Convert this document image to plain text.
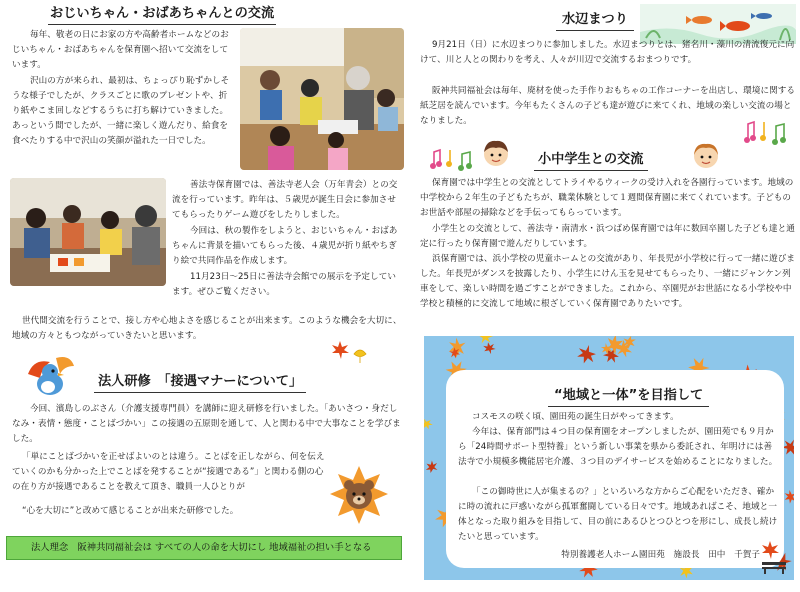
おじいちゃん・おばあちゃんとの交流
毎年、敬老の日にお家の方や高齢者ホームなどのおじいちゃん・おばあちゃんを保育園へ招いて交流をしています。
沢山の方が来られ、最初は、ちょっぴり恥ずかしそうな様子でしたが、クラスごとに歌のプレゼントや、折り紙やこま回しなどするうちに打ち解けていきました。あっという間でしたが、一緒に楽しく遊んだり、給食を食べたりする中で沢山の笑顔が溢れた一日でした。
善法寺保育園では、善法寺老人会（万年青会）との交流を行っています。昨年は、５歳児が誕生日会に参加させてもらったりゲーム遊びをしたりしました。
今回は、秋の製作をしようと、おじいちゃん・おばあちゃんに背景を描いてもらった後、４歳児が折り紙やちぎり絵で共同作品を作成します。
11月23日～25日に善法寺会館での展示を予定しています。ぜひご覧ください。
世代間交流を行うことで、接し方や心地よさを感じることが出来ます。このような機会を大切に、地域の方々ともつながっていきたいと思います。
法人研修　「接遇マナーについて」
今回、濱島しのぶさん（介護支援専門員）を講師に迎え研修を行いました。「あいさつ・身だしなみ・表情・態度・ことばづかい」この接遇の五原則を通して、人と関わる中で大事なことを学びました。
「単にことばづかいを正せばよいのとは違う。ことばを正しながら、何を伝えていくのかも分かった上でことばを発することが“接遇である”」と関わる側の心の在り方が接遇であることを教えて頂き、職員一人ひとりが
“心を大切に”と改めて感じることが出来た研修でした。
法人理念　阪神共同福祉会は すべての人の命を大切にし 地域福祉の担い手となる
水辺まつり
9月21日（日）に水辺まつりに参加しました。水辺まつりとは、猪名川・藻川の清流復元に向けて、川と人との関わりを考え、人々が川辺で交流するおまつりです。
阪神共同福祉会は毎年、廃材を使った手作りおもちゃの工作コーナーを出店し、環境に関する紙芝居を読んでいます。今年もたくさんの子ども達が遊びに来てくれ、地域の楽しい交流の場となりました。
小中学生との交流
保育園では中学生との交流としてトライやるウィークの受け入れを各園行っています。地域の中学校から２年生の子どもたちが、職業体験として１週間保育園に来てくれています。子どものお世話や部屋の掃除などを手伝ってもらっています。
小学生との交流として、善法寺・南清水・浜つばめ保育園では年に数回卒園した子ども達と通定に行ったり保育園で遊んだりしています。
浜保育園では、浜小学校の児童ホームとの交流があり、年長児が小学校に行って一緒に遊びました。年長児がダンスを披露したり、小学生にけん玉を見せてもらったり、一緒にジャンケン列車をして、楽しい時間を過ごすことができました。これから、卒園児がお世話になる小学校や中学校と積極的に交流して地域に根ざしていく保育園でありたいです。
“地域と一体”を目指して
コスモスの咲く頃、園田苑の誕生日がやってきます。
今年は、保育部門は４つ目の保育園をオープンしましたが、園田苑でも９月から「24時間サポート型特養」という新しい事業を県から委託され、年明けには善法寺で小規模多機能居宅介護、３つ目のデイサービスを始めることになりました。
「この御時世に人が集まるの？」といろいろな方からご心配をいただき、確かに時の流れに戸惑いながら孤軍奮闘している日々です。地域あればこそ、地域と一体となった取り組みを目指して、目の前にあるひとつひとつを形にし、成長し続けたいと思っています。
特別養護老人ホーム園田苑　施設長　田中　千賀子
